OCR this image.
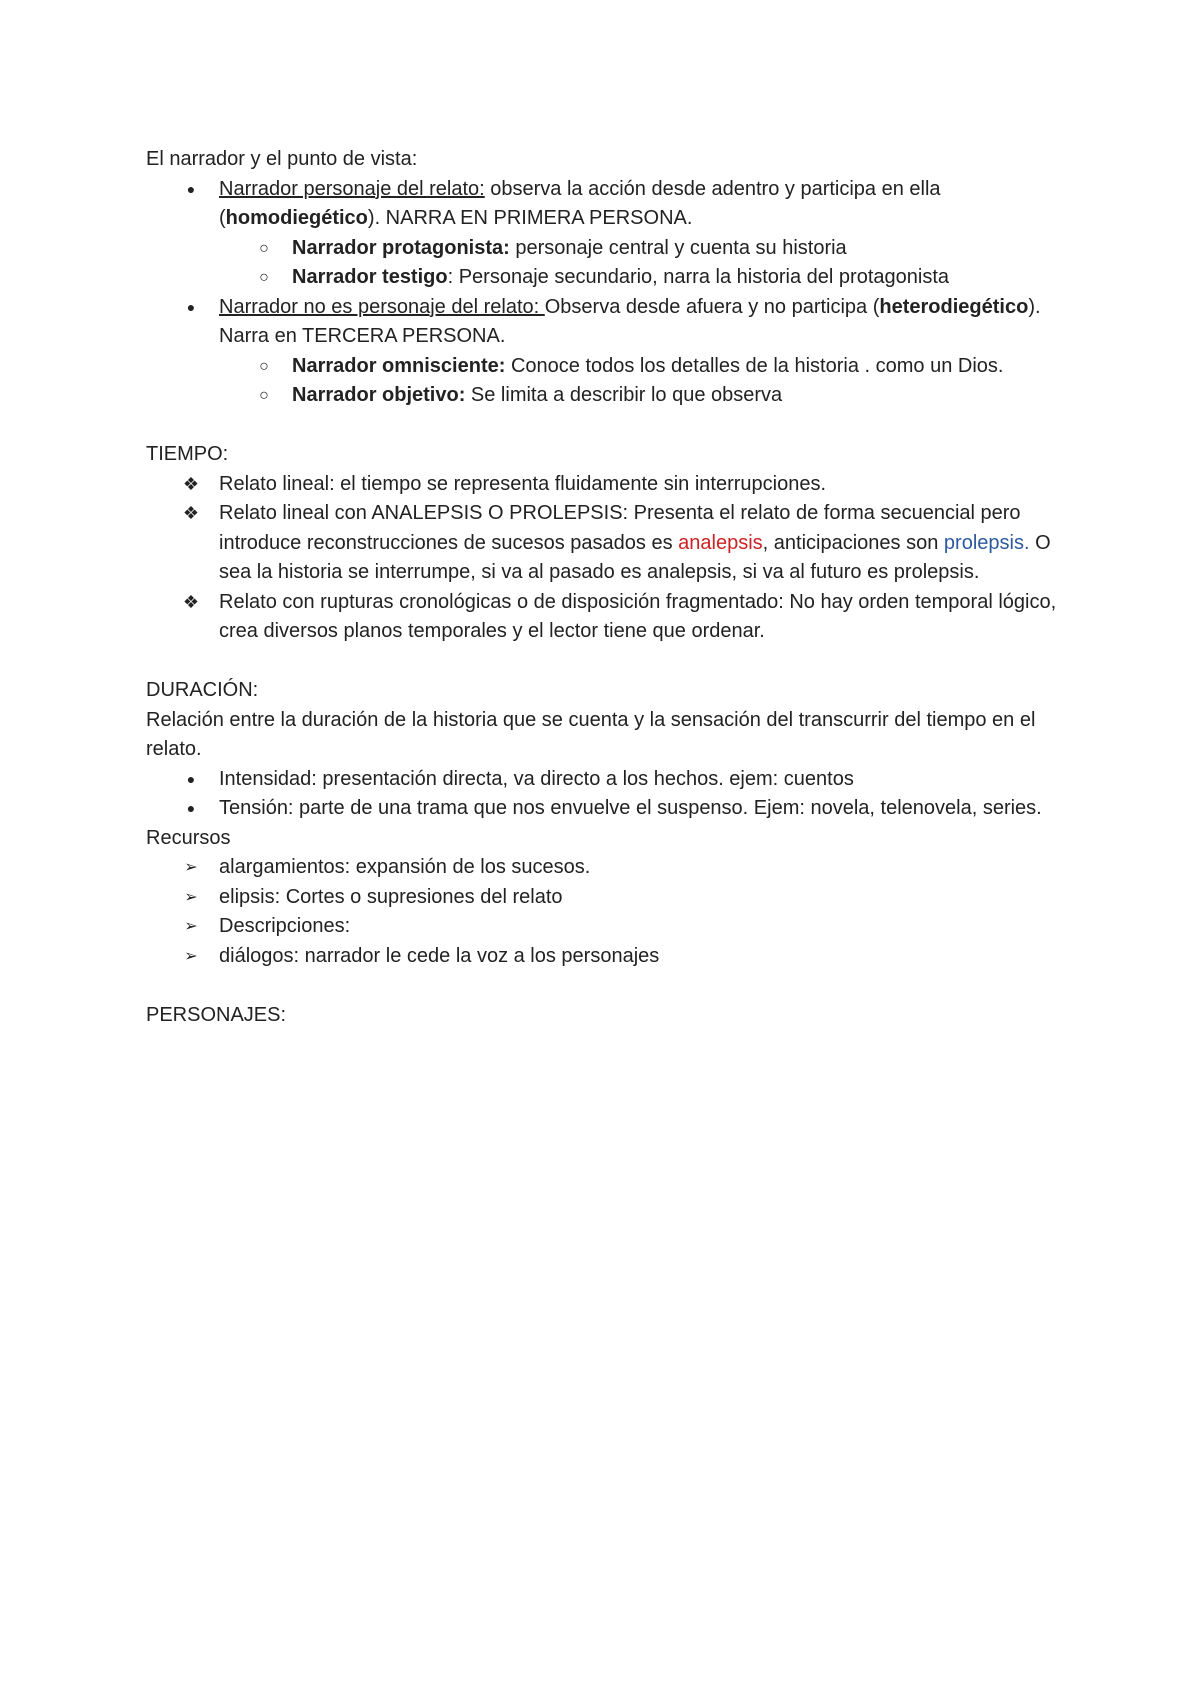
El narrador y el punto de vista:

●	Narrador personaje del relato: observa la acción desde adentro y participa en ella (homodiegético). NARRA EN PRIMERA PERSONA.
○	Narrador protagonista: personaje central y cuenta su historia
○	Narrador testigo: Personaje secundario, narra la historia del protagonista
●	Narrador no es personaje del relato: Observa desde afuera y no participa (heterodiegético). Narra en TERCERA PERSONA.
○	Narrador omnisciente: Conoce todos los detalles de la historia . como un Dios.
○	Narrador objetivo: Se limita a describir lo que observa

TIEMPO:

❖ Relato lineal: el tiempo se representa fluidamente sin interrupciones.
❖ Relato lineal con ANALEPSIS O PROLEPSIS: Presenta el relato de forma secuencial pero introduce reconstrucciones de sucesos pasados es analepsis, anticipaciones son prolepsis. O sea la historia se interrumpe, si va al pasado es analepsis, si va al futuro es prolepsis.
❖ Relato con rupturas cronológicas o de disposición fragmentado: No hay orden temporal lógico, crea diversos planos temporales y el lector tiene que ordenar.

DURACIÓN:

Relación entre la duración de la historia que se cuenta y la sensación del transcurrir del tiempo en el relato.

●	Intensidad: presentación directa, va directo a los hechos. ejem: cuentos
●	Tensión: parte de una trama que nos envuelve el suspenso. Ejem: novela, telenovela, series.

Recursos

➢	alargamientos: expansión de los sucesos.
➢	elipsis: Cortes o supresiones del relato
➢	Descripciones:
➢	diálogos: narrador le cede la voz a los personajes

PERSONAJES:
